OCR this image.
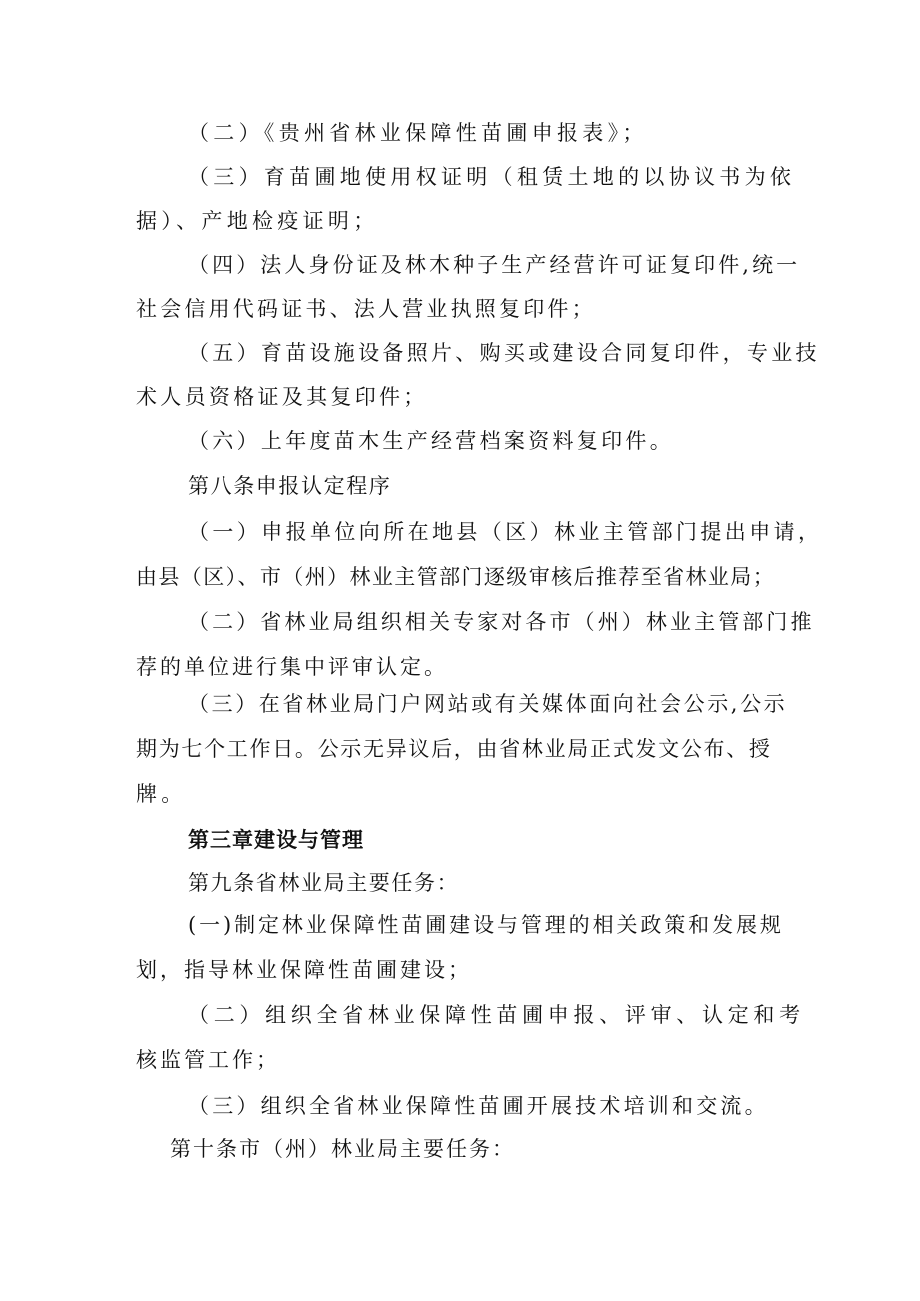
（二）《贵州省林业保障性苗圃申报表》；
（三）育苗圃地使用权证明（租赁土地的以协议书为依
据）、产地检疫证明；
（四）法人身份证及林木种子生产经营许可证复印件,统一
社会信用代码证书、法人营业执照复印件；
（五）育苗设施设备照片、购买或建设合同复印件，专业技
术人员资格证及其复印件；
（六）上年度苗木生产经营档案资料复印件。
第八条申报认定程序
（一）申报单位向所在地县（区）林业主管部门提出申请，
由县（区）、市（州）林业主管部门逐级审核后推荐至省林业局；
（二）省林业局组织相关专家对各市（州）林业主管部门推
荐的单位进行集中评审认定。
（三）在省林业局门户网站或有关媒体面向社会公示,公示
期为七个工作日。公示无异议后，由省林业局正式发文公布、授
牌。
第三章建设与管理
第九条省林业局主要任务：
(一)制定林业保障性苗圃建设与管理的相关政策和发展规
划，指导林业保障性苗圃建设；
（二）组织全省林业保障性苗圃申报、评审、认定和考
核监管工作；
（三）组织全省林业保障性苗圃开展技术培训和交流。
第十条市（州）林业局主要任务：
